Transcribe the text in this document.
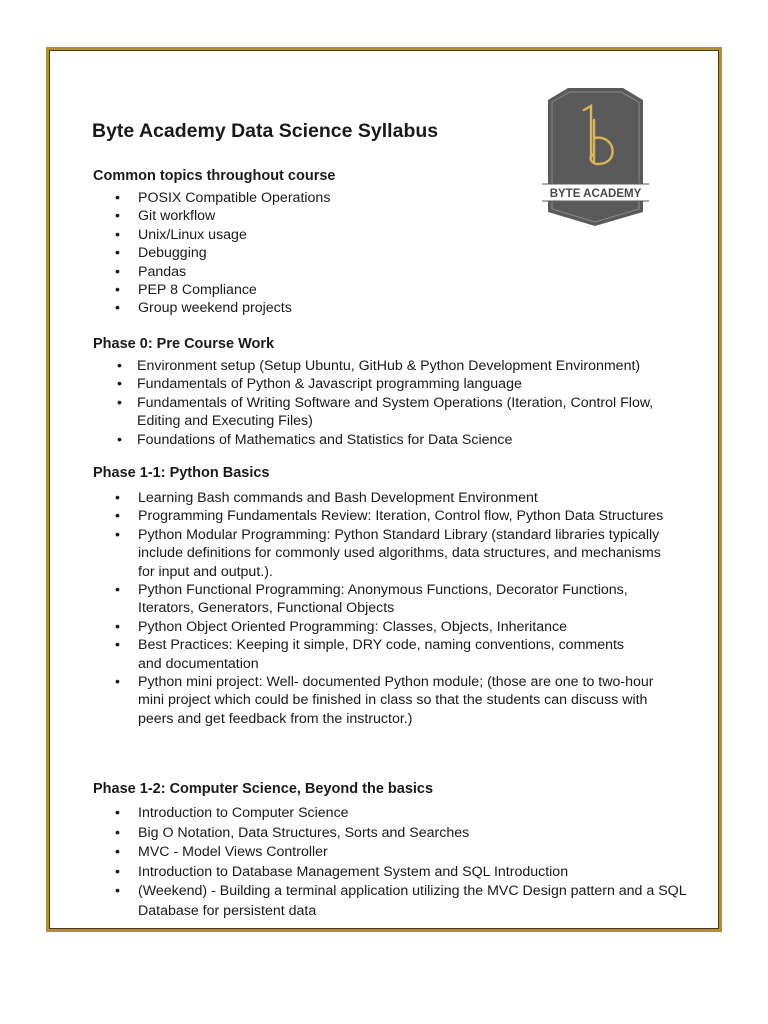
BYTE ACADEMY
Byte Academy Data Science Syllabus
Common topics throughout course
• POSIX Compatible Operations
• Git workflow
• Unix/Linux usage
• Debugging
• Pandas
• PEP 8 Compliance
• Group weekend projects
Phase 0: Pre Course Work
• Environment setup (Setup Ubuntu, GitHub & Python Development Environment)
• Fundamentals of Python & Javascript programming language
• Fundamentals of Writing Software and System Operations (Iteration, Control Flow, Editing and Executing Files)
• Foundations of Mathematics and Statistics for Data Science
Phase 1-1: Python Basics
• Learning Bash commands and Bash Development Environment
• Programming Fundamentals Review: Iteration, Control flow, Python Data Structures
• Python Modular Programming: Python Standard Library (standard libraries typically include definitions for commonly used algorithms, data structures, and mechanisms for input and output.).
• Python Functional Programming: Anonymous Functions, Decorator Functions, Iterators, Generators, Functional Objects
• Python Object Oriented Programming: Classes, Objects, Inheritance
• Best Practices: Keeping it simple, DRY code, naming conventions, comments and documentation
• Python mini project: Well- documented Python module; (those are one to two-hour mini project which could be finished in class so that the students can discuss with peers and get feedback from the instructor.)
Phase 1-2: Computer Science, Beyond the basics
• Introduction to Computer Science
• Big O Notation, Data Structures, Sorts and Searches
• MVC - Model Views Controller
• Introduction to Database Management System and SQL Introduction
• (Weekend) - Building a terminal application utilizing the MVC Design pattern and a SQL Database for persistent data
